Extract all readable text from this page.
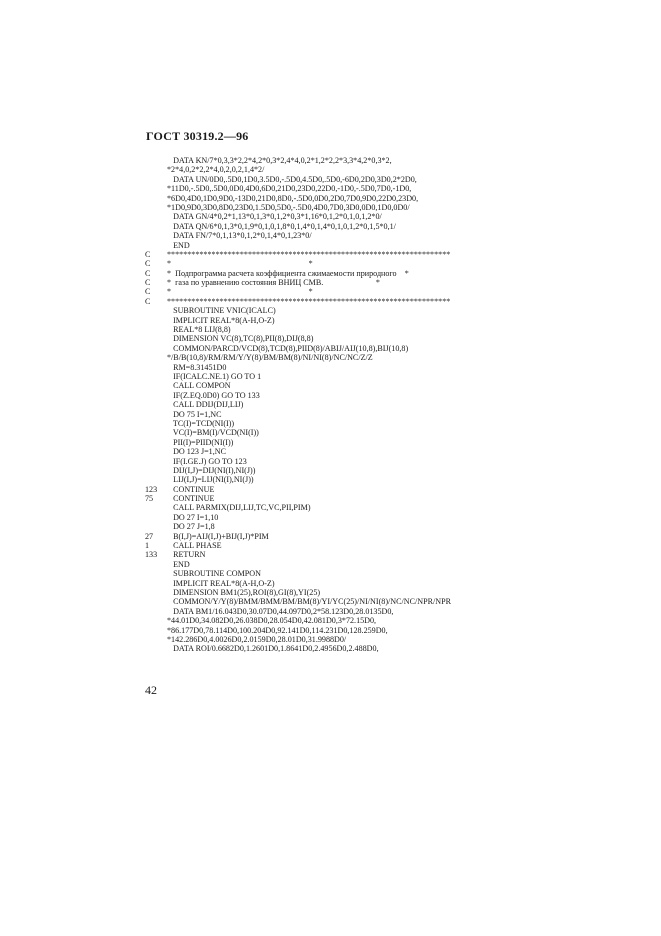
ГОСТ 30319.2—96
DATA KN/7*0,3,3*2,2*4,2*0,3*2,4*4,0,2*1,2*2,2*3,3*4,2*0,3*2,
*2*4,0,2*2,2*4,0,2,0,2,1,4*2/
DATA UN/0D0,.5D0,1D0,3.5D0,-.5D0,4.5D0,.5D0,-6D0,2D0,3D0,2*2D0,
*11D0,-.5D0,.5D0,0D0,4D0,6D0,21D0,23D0,22D0,-1D0,-.5D0,7D0,-1D0,
*6D0,4D0,1D0,9D0,-13D0,21D0,8D0,-.5D0,0D0,2D0,7D0,9D0,22D0,23D0,
*1D0,9D0,3D0,8D0,23D0,1.5D0,5D0,-.5D0,4D0,7D0,3D0,0D0,1D0,0D0/
DATA GN/4*0,2*1,13*0,1,3*0,1,2*0,3*1,16*0,1,2*0,1,0,1,2*0/
DATA QN/6*0,1,3*0,1,9*0,1,0,1,8*0,1,4*0,1,4*0,1,0,1,2*0,1,5*0,1/
DATA FN/7*0,1,13*0,1,2*0,1,4*0,1,23*0/
END
C	**********************************************************************
C	*                                                                    *
C	*  Подпрограмма расчета коэффициента сжимаемости природного    *
C	*  газа по уравнению состояния ВНИЦ СМВ.                          *
C	*                                                                    *
C	**********************************************************************
SUBROUTINE VNIC(ICALC)
IMPLICIT REAL*8(A-H,O-Z)
REAL*8 LIJ(8,8)
DIMENSION VC(8),TC(8),PII(8),DIJ(8,8)
COMMON/PARCD/VCD(8),TCD(8),PIID(8)/ABIJ/AIJ(10,8),BIJ(10,8)
*/B/B(10,8)/RM/RM/Y/Y(8)/BM/BM(8)/NI/NI(8)/NC/NC/Z/Z
RM=8.31451D0
IF(ICALC.NE.1) GO TO 1
CALL COMPON
IF(Z.EQ.0D0) GO TO 133
CALL DDIJ(DIJ,LIJ)
DO 75 I=1,NC
TC(I)=TCD(NI(I))
VC(I)=BM(I)/VCD(NI(I))
PII(I)=PIID(NI(I))
DO 123 J=1,NC
IF(I.GE.J) GO TO 123
DIJ(I,J)=DIJ(NI(I),NI(J))
LIJ(I,J)=LIJ(NI(I),NI(J))
123	CONTINUE
75	CONTINUE
CALL PARMIX(DIJ,LIJ,TC,VC,PII,PIM)
DO 27 I=1,10
DO 27 J=1,8
27	B(I,J)=AIJ(I,J)+BIJ(I,J)*PIM
1	CALL PHASE
133	RETURN
END
SUBROUTINE COMPON
IMPLICIT REAL*8(A-H,O-Z)
DIMENSION BM1(25),ROI(8),GI(8),YI(25)
COMMON/Y/Y(8)/BMM/BMM/BM/BM(8)/YI/YC(25)/NI/NI(8)/NC/NC/NPR/NPR
DATA BM1/16.043D0,30.07D0,44.097D0,2*58.123D0,28.0135D0,
*44.01D0,34.082D0,26.038D0,28.054D0,42.081D0,3*72.15D0,
*86.177D0,78.114D0,100.204D0,92.141D0,114.231D0,128.259D0,
*142.286D0,4.0026D0,2.0159D0,28.01D0,31.9988D0/
DATA ROI/0.6682D0,1.2601D0,1.8641D0,2.4956D0,2.488D0,
42
